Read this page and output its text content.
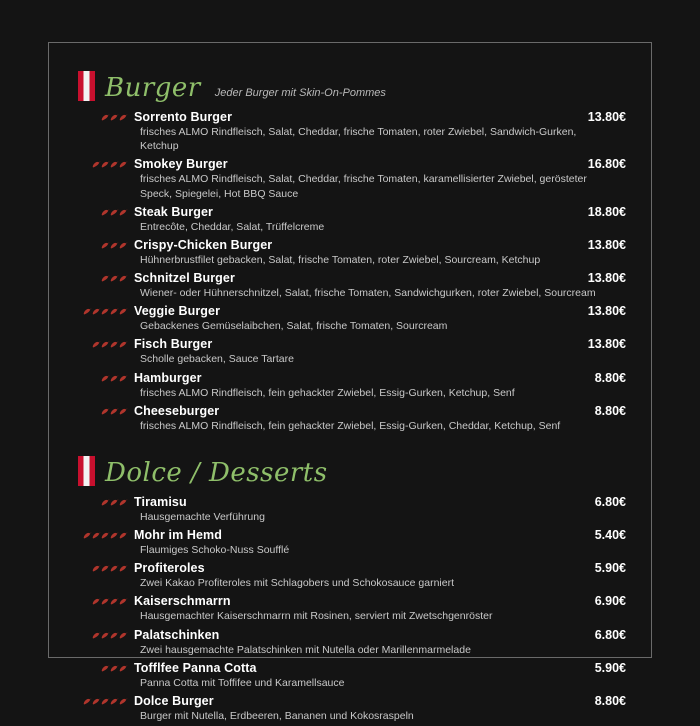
Burger Jeder Burger mit Skin-On-Pommes
Sorrento Burger	13.80€
frisches ALMO Rindfleisch, Salat, Cheddar, frische Tomaten, roter Zwiebel, Sandwich-Gurken, Ketchup
Smokey Burger	16.80€
frisches ALMO Rindfleisch, Salat, Cheddar, frische Tomaten, karamellisierter Zwiebel, gerösteter Speck, Spiegelei, Hot BBQ Sauce
Steak Burger	18.80€
Entrecôte, Cheddar, Salat, Trüffelcreme
Crispy-Chicken Burger	13.80€
Hühnerbrustfilet gebacken, Salat, frische Tomaten, roter Zwiebel, Sourcream, Ketchup
Schnitzel Burger	13.80€
Wiener- oder Hühnerschnitzel, Salat, frische Tomaten, Sandwichgurken, roter Zwiebel, Sourcream
Veggie Burger	13.80€
Gebackenes Gemüselaibchen, Salat, frische Tomaten, Sourcream
Fisch Burger	13.80€
Scholle gebacken, Sauce Tartare
Hamburger	8.80€
frisches ALMO Rindfleisch, fein gehackter Zwiebel, Essig-Gurken, Ketchup, Senf
Cheeseburger	8.80€
frisches ALMO Rindfleisch, fein gehackter Zwiebel, Essig-Gurken, Cheddar, Ketchup, Senf
Dolce / Desserts
Tiramisu	6.80€
Hausgemachte Verführung
Mohr im Hemd	5.40€
Flaumiges Schoko-Nuss Soufflé
Profiteroles	5.90€
Zwei Kakao Profiteroles mit Schlagobers und Schokosauce garniert
Kaiserschmarrn	6.90€
Hausgemachter Kaiserschmarrn mit Rosinen, serviert mit Zwetschgenröster
Palatschinken	6.80€
Zwei hausgemachte Palatschinken mit Nutella oder Marillenmarmelade
Tofflfee Panna Cotta	5.90€
Panna Cotta mit Toffifee und Karamellsauce
Dolce Burger	8.80€
Burger mit Nutella, Erdbeeren, Bananen und Kokosraspeln
